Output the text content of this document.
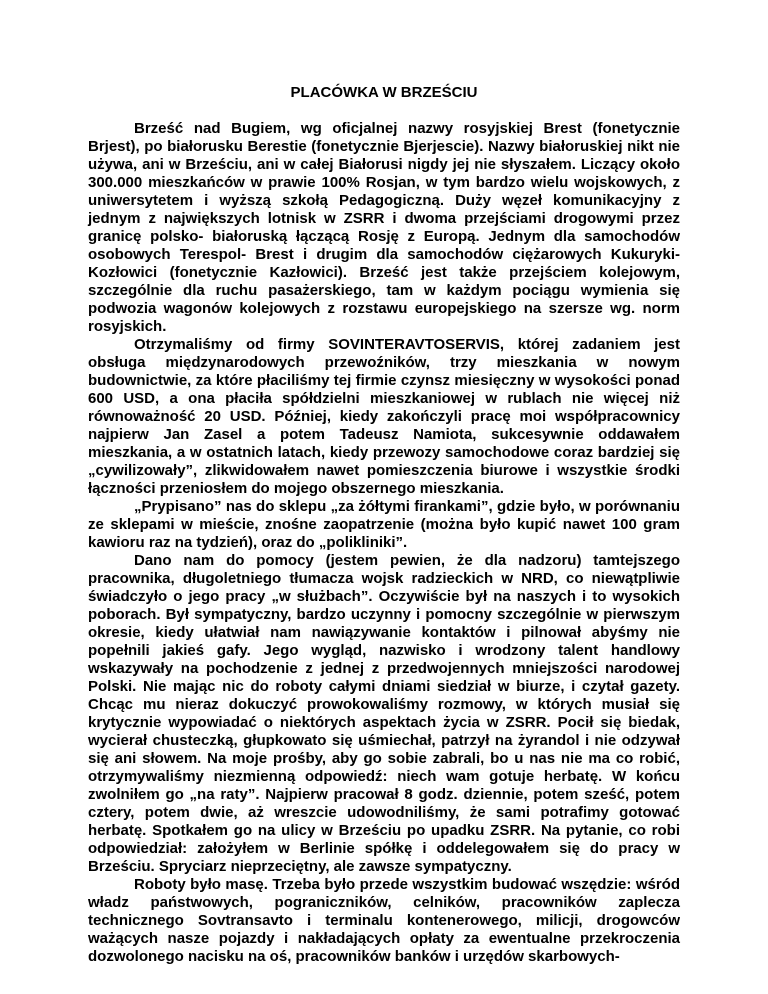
PLACÓWKA W BRZEŚCIU

Brześć nad Bugiem, wg oficjalnej nazwy rosyjskiej Brest (fonetycznie Brjest), po białorusku Berestie (fonetycznie Bjerjescie). Nazwy białoruskiej nikt nie używa, ani w Brześciu, ani w całej Białorusi nigdy jej nie słyszałem. Liczący około 300.000 mieszkańców w prawie 100% Rosjan, w tym bardzo wielu wojskowych, z uniwersytetem i wyższą szkołą Pedagogiczną. Duży węzeł komunikacyjny z jednym z największych lotnisk w ZSRR i dwoma przejściami drogowymi przez granicę polsko- białoruską łączącą Rosję z Europą. Jednym dla samochodów osobowych Terespol- Brest i drugim dla samochodów ciężarowych Kukuryki- Kozłowici (fonetycznie Kazłowici). Brześć jest także przejściem kolejowym, szczególnie dla ruchu pasażerskiego, tam w każdym pociągu wymienia się podwozia wagonów kolejowych z rozstawu europejskiego na szersze wg. norm rosyjskich.

Otrzymaliśmy od firmy SOVINTERAVTOSERVIS, której zadaniem jest obsługa międzynarodowych przewoźników, trzy mieszkania w nowym budownictwie, za które płaciliśmy tej firmie czynsz miesięczny w wysokości ponad 600 USD, a ona płaciła spółdzielni mieszkaniowej w rublach nie więcej niż równoważność 20 USD. Później, kiedy zakończyli pracę moi współpracownicy najpierw Jan Zasel a potem Tadeusz Namiota, sukcesywnie oddawałem mieszkania, a w ostatnich latach, kiedy przewozy samochodowe coraz bardziej się „cywilizowały”, zlikwidowałem nawet pomieszczenia biurowe i wszystkie środki łączności przeniosłem do mojego obszernego mieszkania.

„Prypisano” nas do sklepu „za żółtymi firankami”, gdzie było, w porównaniu ze sklepami w mieście, znośne zaopatrzenie (można było kupić nawet 100 gram kawioru raz na tydzień), oraz do „polikliniki”.

Dano nam do pomocy (jestem pewien, że dla nadzoru) tamtejszego pracownika, długoletniego tłumacza wojsk radzieckich w NRD, co niewątpliwie świadczyło o jego pracy „w służbach”. Oczywiście był na naszych i to wysokich poborach. Był sympatyczny, bardzo uczynny i pomocny szczególnie w pierwszym okresie, kiedy ułatwiał nam nawiązywanie kontaktów i pilnował abyśmy nie popełnili jakieś gafy. Jego wygląd, nazwisko i wrodzony talent handlowy wskazywały na pochodzenie z jednej z przedwojennych mniejszości narodowej Polski. Nie mając nic do roboty całymi dniami siedział w biurze, i czytał gazety. Chcąc mu nieraz dokuczyć prowokowaliśmy rozmowy, w których musiał się krytycznie wypowiadać o niektórych aspektach życia w ZSRR. Pocił się biedak, wycierał chusteczką, głupkowato się uśmiechał, patrzył na żyrandol i nie odzywał się ani słowem. Na moje prośby, aby go sobie zabrali, bo u nas nie ma co robić, otrzymywaliśmy niezmienną odpowiedź: niech wam gotuje herbatę. W końcu zwolniłem go „na raty”. Najpierw pracował 8 godz. dziennie, potem sześć, potem cztery, potem dwie, aż wreszcie udowodniliśmy, że sami potrafimy gotować herbatę. Spotkałem go na ulicy w Brześciu po upadku ZSRR. Na pytanie, co robi odpowiedział: założyłem w Berlinie spółkę i oddelegowałem się do pracy w Brześciu. Spryciarz nieprzeciętny, ale zawsze sympatyczny.

Roboty było masę. Trzeba było przede wszystkim budować wszędzie: wśród władz państwowych, pograniczników, celników, pracowników zaplecza technicznego Sovtransavto i terminalu kontenerowego, milicji, drogowców ważących nasze pojazdy i nakładających opłaty za ewentualne przekroczenia dozwolonego nacisku na oś, pracowników banków i urzędów skarbowych-
